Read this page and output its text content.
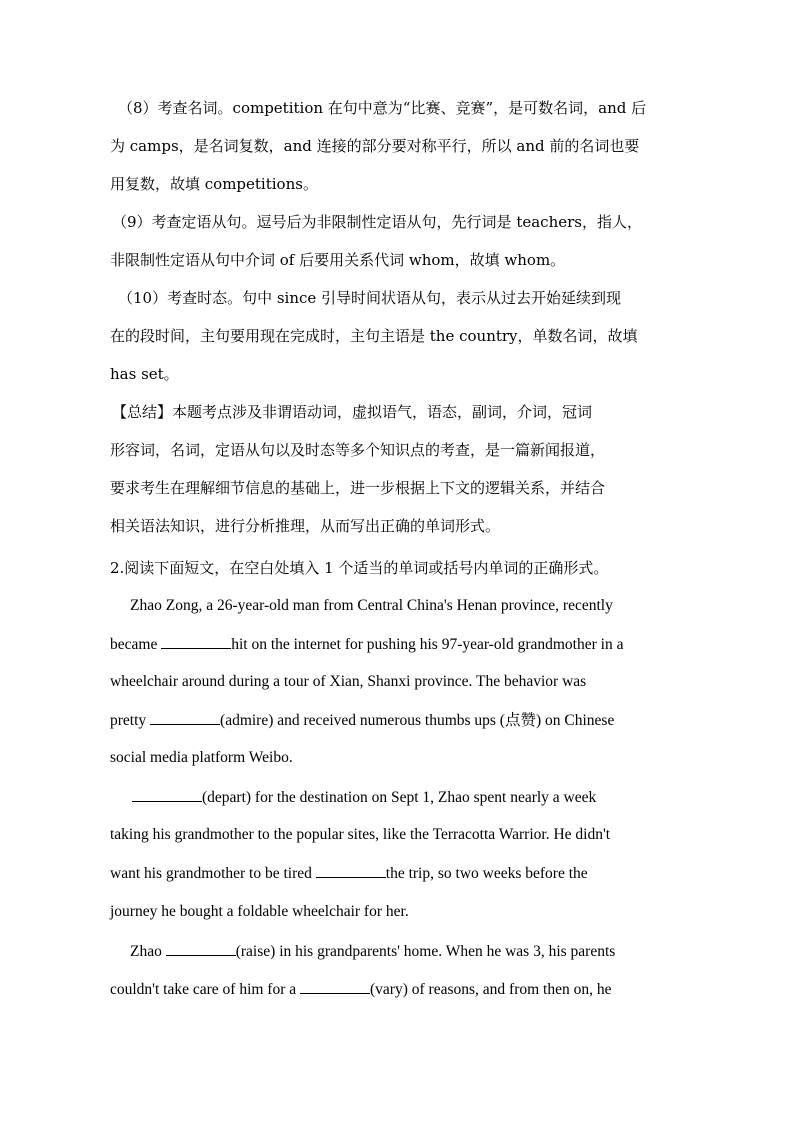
（8）考查名词。competition 在句中意为“比赛、竞赛”，是可数名词，and 后
为 camps，是名词复数，and 连接的部分要对称平行，所以 and 前的名词也要
用复数，故填 competitions。
（9）考查定语从句。逗号后为非限制性定语从句，先行词是 teachers，指人，
非限制性定语从句中介词 of 后要用关系代词 whom，故填 whom。
（10）考查时态。句中 since 引导时间状语从句，表示从过去开始延续到现
在的段时间，主句要用现在完成时，主句主语是 the country，单数名词，故填
has set。
【总结】本题考点涉及非谓语动词，虚拟语气，语态，副词，介词，冠词
形容词，名词，定语从句以及时态等多个知识点的考查，是一篇新闻报道，
要求考生在理解细节信息的基础上，进一步根据上下文的逻辑关系，并结合
相关语法知识，进行分析推理，从而写出正确的单词形式。
2.阅读下面短文，在空白处填入 1 个适当的单词或括号内单词的正确形式。
Zhao Zong, a 26-year-old man from Central China's Henan province, recently
became	hit on the internet for pushing his 97-year-old grandmother in a
wheelchair around during a tour of Xian, Shanxi province. The behavior was
pretty	(admire) and received numerous thumbs ups (点赞) on Chinese
social media platform Weibo.
(depart) for the destination on Sept 1, Zhao spent nearly a week
taking his grandmother to the popular sites, like the Terracotta Warrior. He didn't
want his grandmother to be tired	the trip, so two weeks before the
journey he bought a foldable wheelchair for her.
Zhao	(raise) in his grandparents' home. When he was 3, his parents
couldn't take care of him for a	(vary) of reasons, and from then on, he
